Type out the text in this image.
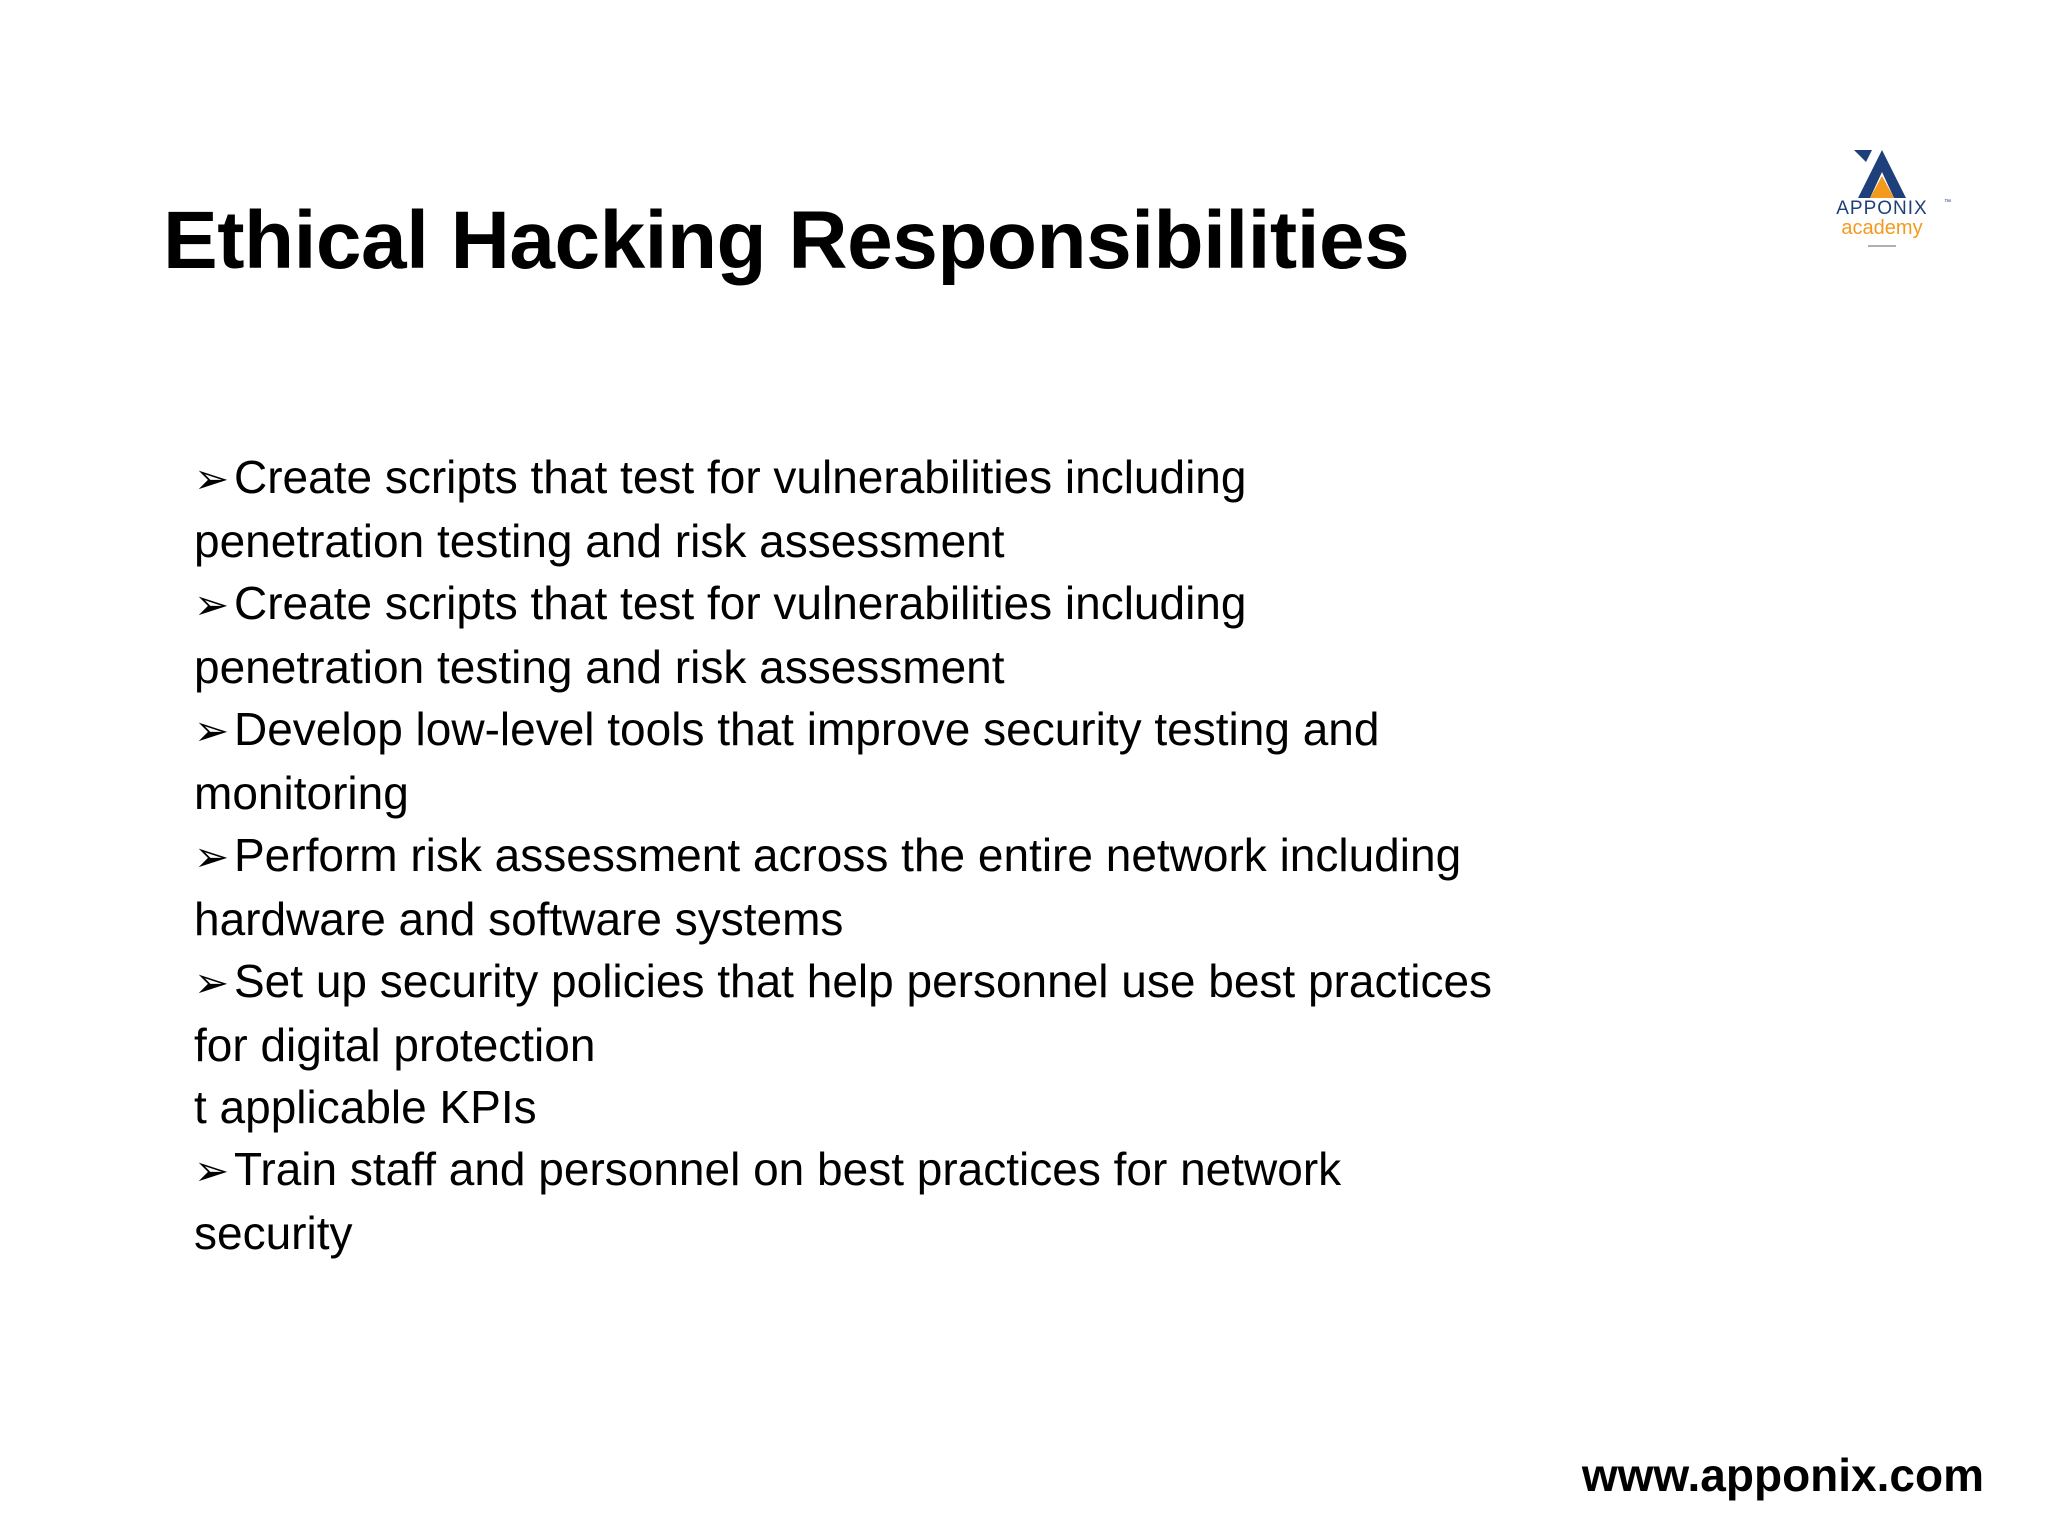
Ethical Hacking Responsibilities	APPONIX ™
academy
➢ Create scripts that test for vulnerabilities including
penetration testing and risk assessment
➢ Create scripts that test for vulnerabilities including
penetration testing and risk assessment
➢ Develop low-level tools that improve security testing and
monitoring
➢ Perform risk assessment across the entire network including
hardware and software systems
➢ Set up security policies that help personnel use best practices
for digital protection
t applicable KPIs
➢ Train staff and personnel on best practices for network
security
www.apponix.com
